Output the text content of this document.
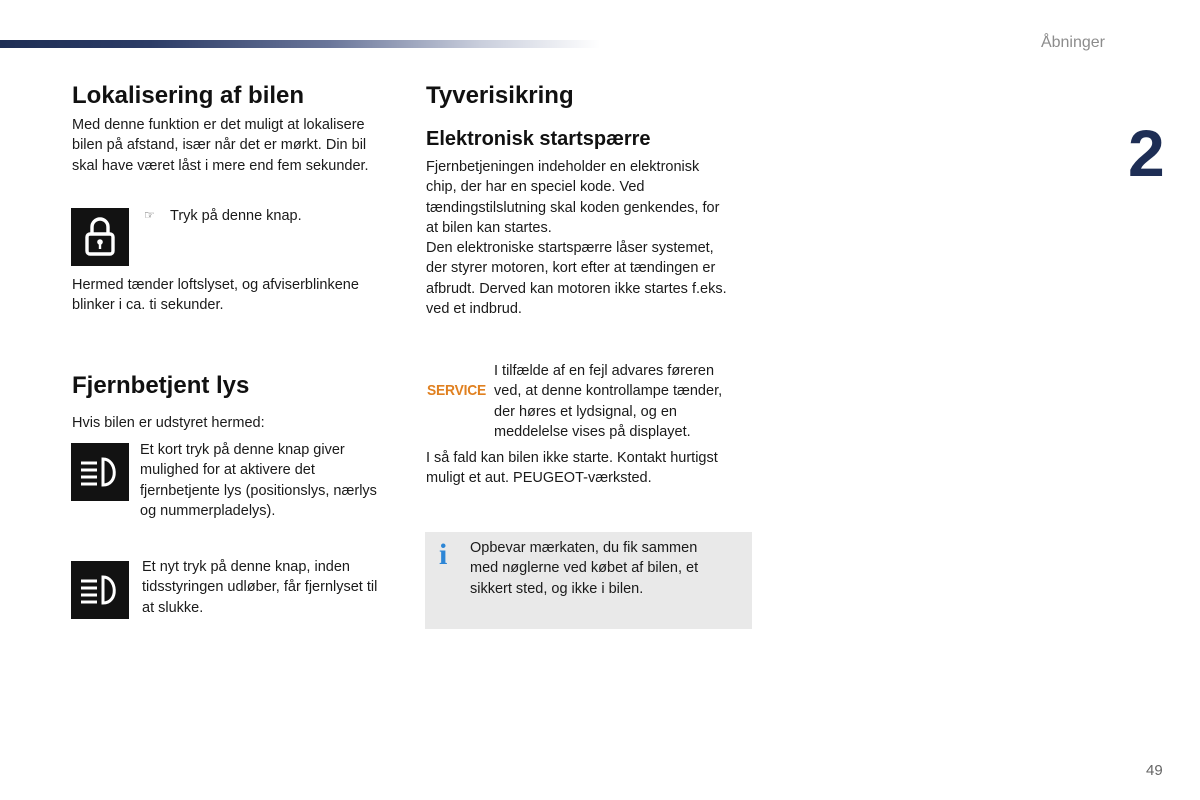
Åbninger
2
Lokalisering af bilen

Med denne funktion er det muligt at lokalisere
bilen på afstand, især når det er mørkt. Din bil
skal have været låst i mere end fem sekunder.

☞ Tryk på denne knap.

Hermed tænder loftslyset, og afviserblinkene
blinker i ca. ti sekunder.

Fjernbetjent lys

Hvis bilen er udstyret hermed:

Et kort tryk på denne knap giver
mulighed for at aktivere det
fjernbetjente lys (positionslys, nærlys
og nummerpladelys).

Et nyt tryk på denne knap, inden
tidsstyringen udløber, får fjernlyset til
at slukke.

Tyverisikring
Elektronisk startspærre

Fjernbetjeningen indeholder en elektronisk
chip, der har en speciel kode. Ved
tændingstilslutning skal koden genkendes, for
at bilen kan startes.
Den elektroniske startspærre låser systemet,
der styrer motoren, kort efter at tændingen er
afbrudt. Derved kan motoren ikke startes f.eks.
ved et indbrud.

SERVICE

I tilfælde af en fejl advares føreren
ved, at denne kontrollampe tænder,
der høres et lydsignal, og en
meddelelse vises på displayet.

I så fald kan bilen ikke starte. Kontakt hurtigst
muligt et aut. PEUGEOT-værksted.

i Opbevar mærkaten, du fik sammen
med nøglerne ved købet af bilen, et
sikkert sted, og ikke i bilen.

49
